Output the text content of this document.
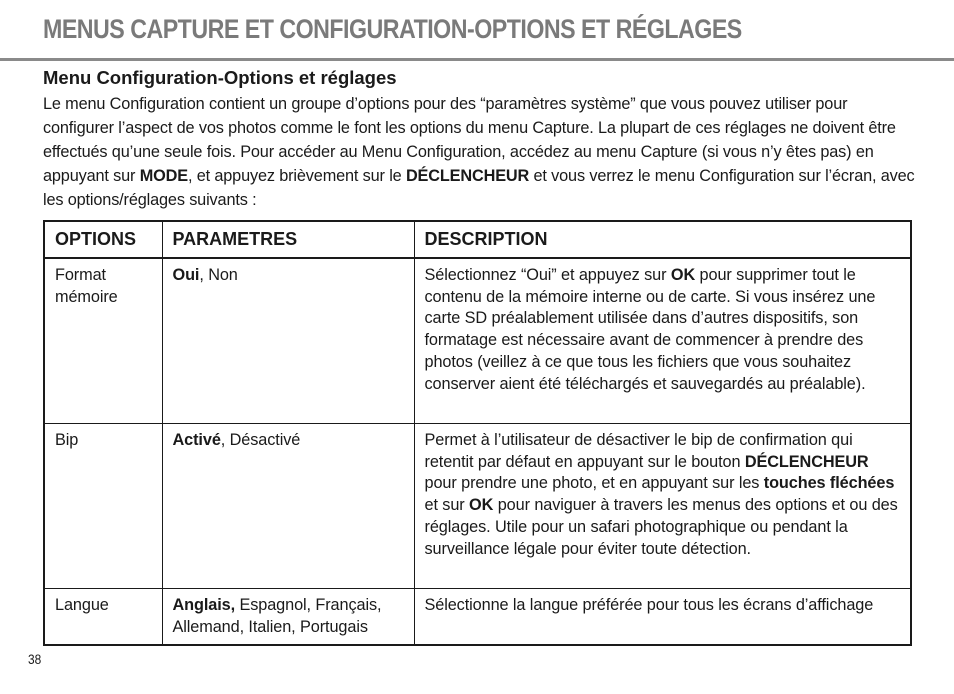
MENUS CAPTURE ET CONFIGURATION-OPTIONS ET RÉGLAGES
Menu Configuration-Options et réglages

Le menu Configuration contient un groupe d’options pour des “paramètres système” que vous pouvez utiliser pour configurer l’aspect de vos photos comme le font les options du menu Capture. La plupart de ces réglages ne doivent être effectués qu’une seule fois. Pour accéder au Menu Configuration, accédez au menu Capture (si vous n’y êtes pas) en appuyant sur MODE, et appuyez brièvement sur le DÉCLENCHEUR et vous verrez le menu Configuration sur l’écran, avec les options/réglages suivants :

OPTIONS	PARAMETRES	DESCRIPTION
Format mémoire	Oui, Non	Sélectionnez “Oui” et appuyez sur OK pour supprimer tout le contenu de la mémoire interne ou de carte. Si vous insérez une carte SD préalablement utilisée dans d’autres dispositifs, son formatage est nécessaire avant de commencer à prendre des photos (veillez à ce que tous les fichiers que vous souhaitez conserver aient été téléchargés et sauvegardés au préalable).
Bip	Activé, Désactivé	Permet à l’utilisateur de désactiver le bip de confirmation qui retentit par défaut en appuyant sur le bouton DÉCLENCHEUR pour prendre une photo, et en appuyant sur les touches fléchées et sur OK pour naviguer à travers les menus des options et ou des réglages. Utile pour un safari photographique ou pendant la surveillance légale pour éviter toute détection.
Langue	Anglais, Espagnol, Français, Allemand, Italien, Portugais	Sélectionne la langue préférée pour tous les écrans d’affichage
38
